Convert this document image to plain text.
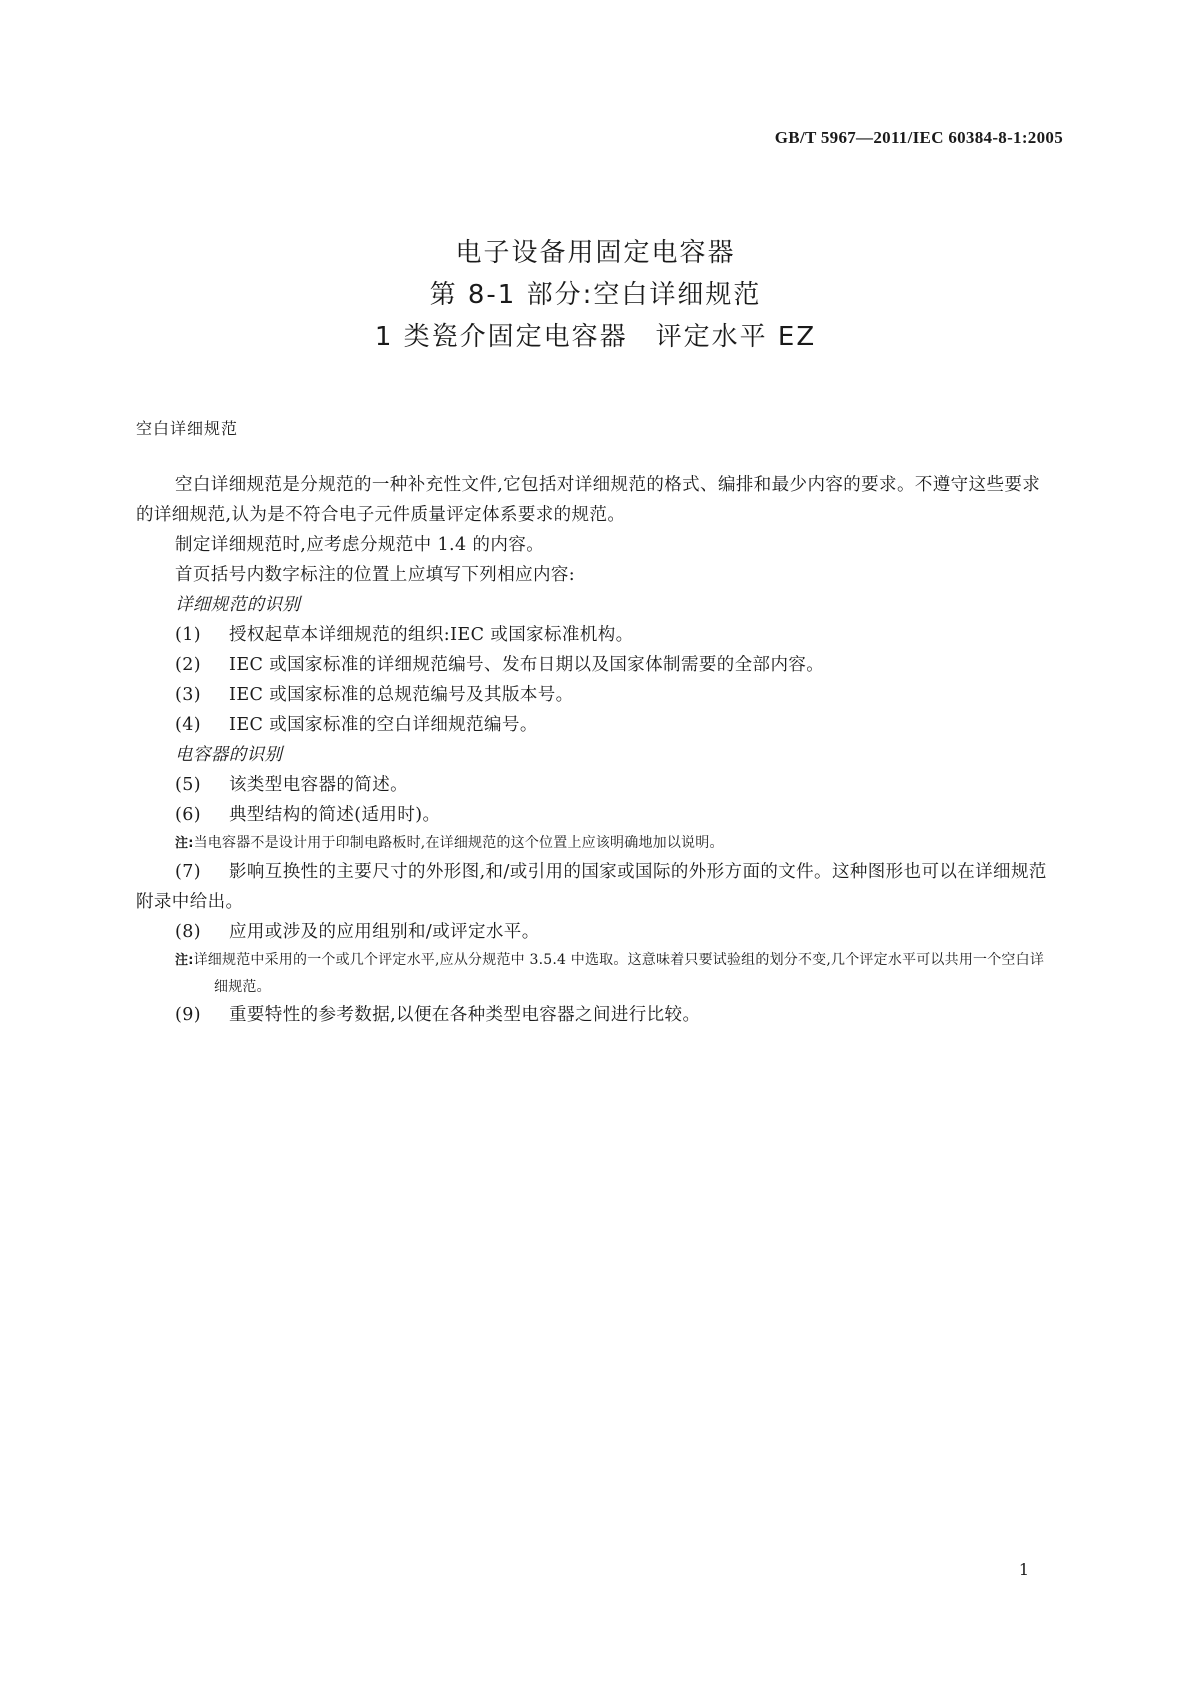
GB/T 5967—2011/IEC 60384-8-1:2005
电子设备用固定电容器
第 8-1 部分:空白详细规范
1 类瓷介固定电容器　评定水平 EZ
空白详细规范

空白详细规范是分规范的一种补充性文件,它包括对详细规范的格式、编排和最少内容的要求。不遵守这些要求的详细规范,认为是不符合电子元件质量评定体系要求的规范。

制定详细规范时,应考虑分规范中 1.4 的内容。

首页括号内数字标注的位置上应填写下列相应内容:

详细规范的识别

(1) 授权起草本详细规范的组织:IEC 或国家标准机构。

(2) IEC 或国家标准的详细规范编号、发布日期以及国家体制需要的全部内容。

(3) IEC 或国家标准的总规范编号及其版本号。

(4) IEC 或国家标准的空白详细规范编号。

电容器的识别

(5) 该类型电容器的简述。

(6) 典型结构的简述(适用时)。

注:当电容器不是设计用于印制电路板时,在详细规范的这个位置上应该明确地加以说明。

(7) 影响互换性的主要尺寸的外形图,和/或引用的国家或国际的外形方面的文件。这种图形也可以在详细规范附录中给出。

(8) 应用或涉及的应用组别和/或评定水平。

注:详细规范中采用的一个或几个评定水平,应从分规范中 3.5.4 中选取。这意味着只要试验组的划分不变,几个评定水平可以共用一个空白详细规范。

(9) 重要特性的参考数据,以便在各种类型电容器之间进行比较。

1
